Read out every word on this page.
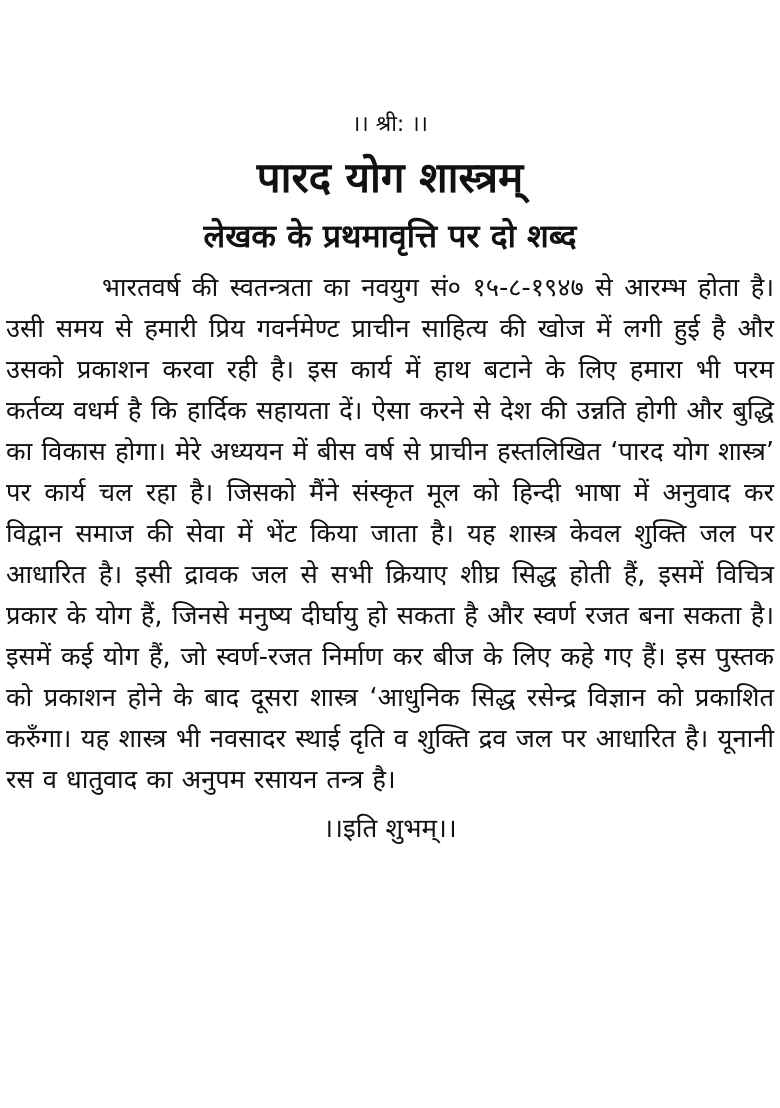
।। श्री: ।।
पारद योग शास्त्रम्
लेखक के प्रथमावृत्ति पर दो शब्द

भारतवर्ष की स्वतन्त्रता का नवयुग सं० १५-८-१९४७ से आरम्भ होता है। उसी समय से हमारी प्रिय गवर्नमेण्ट प्राचीन साहित्य की खोज में लगी हुई है और उसको प्रकाशन करवा रही है। इस कार्य में हाथ बटाने के लिए हमारा भी परम कर्तव्य वधर्म है कि हार्दिक सहायता दें। ऐसा करने से देश की उन्नति होगी और बुद्धि का विकास होगा। मेरे अध्ययन में बीस वर्ष से प्राचीन हस्तलिखित ‘पारद योग शास्त्र’ पर कार्य चल रहा है। जिसको मैंने संस्कृत मूल को हिन्दी भाषा में अनुवाद कर विद्वान समाज की सेवा में भेंट किया जाता है। यह शास्त्र केवल शुक्ति जल पर आधारित है। इसी द्रावक जल से सभी क्रियाए शीघ्र सिद्ध होती हैं, इसमें विचित्र प्रकार के योग हैं, जिनसे मनुष्य दीर्घायु हो सकता है और स्वर्ण रजत बना सकता है। इसमें कई योग हैं, जो स्वर्ण-रजत निर्माण कर बीज के लिए कहे गए हैं। इस पुस्तक को प्रकाशन होने के बाद दूसरा शास्त्र ‘आधुनिक सिद्ध रसेन्द्र विज्ञान को प्रकाशित करुँगा। यह शास्त्र भी नवसादर स्थाई दृति व शुक्ति द्रव जल पर आधारित है। यूनानी रस व धातुवाद का अनुपम रसायन तन्त्र है।

।।इति शुभम्।।
